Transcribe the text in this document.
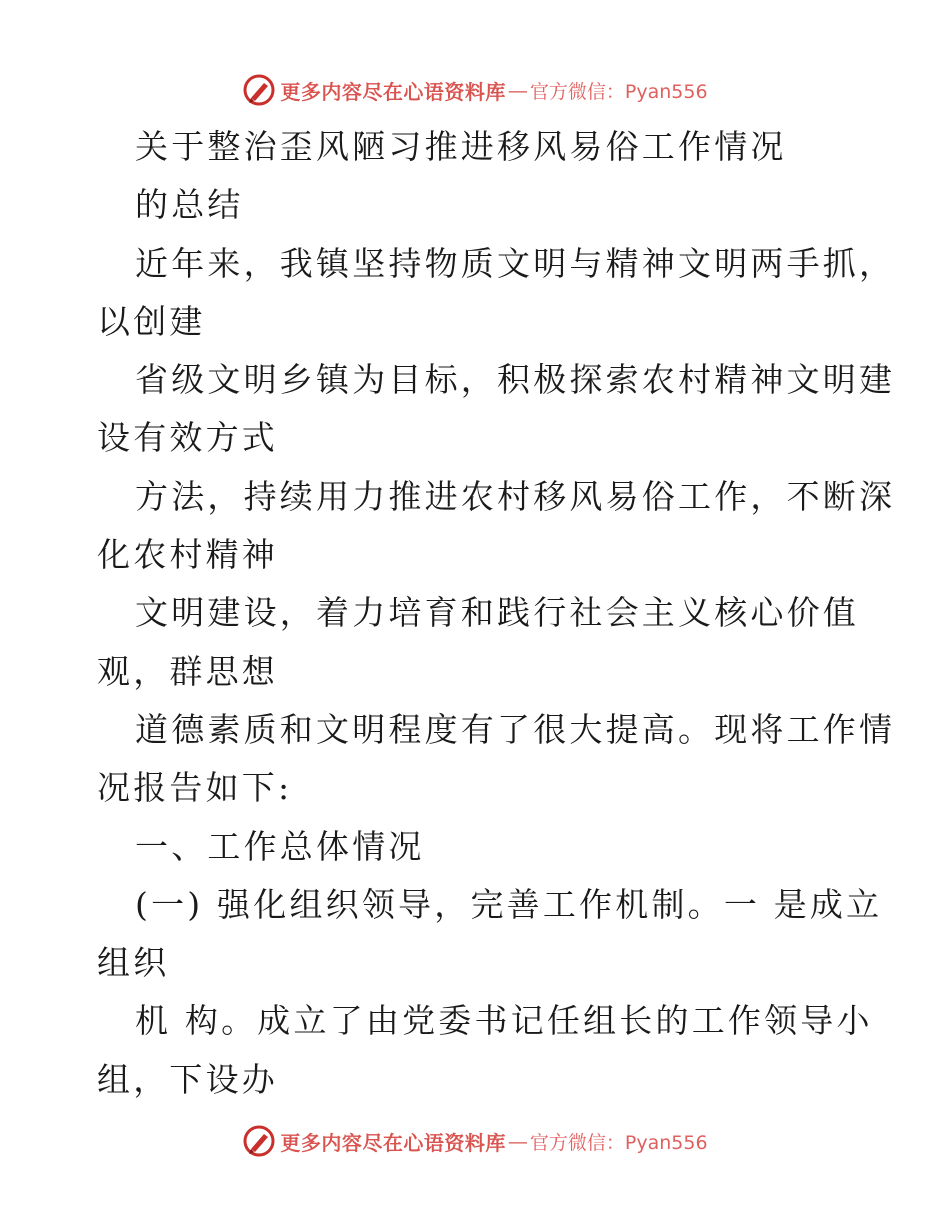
更多内容尽在心语资料库 — 官方微信：Pyan556
关于整治歪风陋习推进移风易俗工作情况
的总结
近年来，我镇坚持物质文明与精神文明两手抓，
以创建
省级文明乡镇为目标，积极探索农村精神文明建
设有效方式
方法，持续用力推进农村移风易俗工作，不断深
化农村精神
文明建设，着力培育和践行社会主义核心价值
观，群思想
道德素质和文明程度有了很大提高。现将工作情
况报告如下:
一、工作总体情况
(一) 强化组织领导，完善工作机制。一 是成立
组织
机 构。成立了由党委书记任组长的工作领导小
组，下设办
更多内容尽在心语资料库 — 官方微信：Pyan556
